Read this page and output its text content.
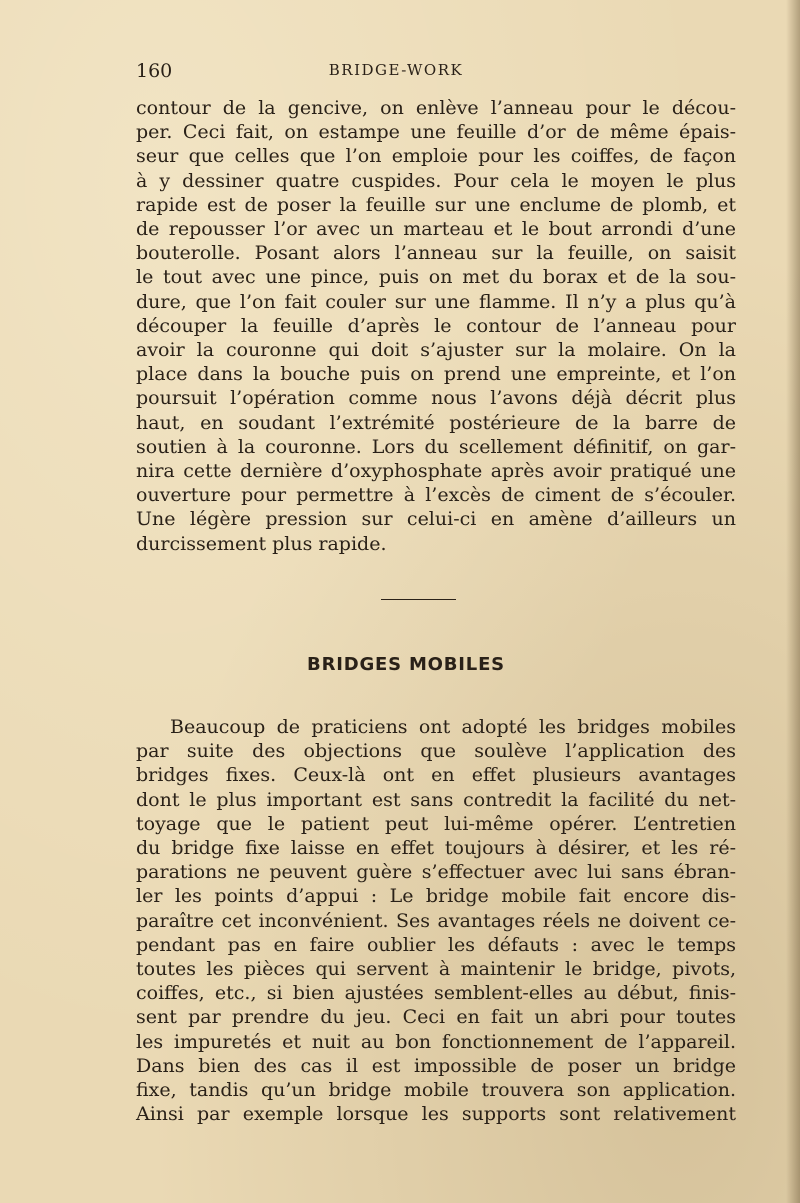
160	BRIDGE-WORK

contour de la gencive, on enlève l’anneau pour le décou-
per. Ceci fait, on estampe une feuille d’or de même épais-
seur que celles que l’on emploie pour les coiffes, de façon
à y dessiner quatre cuspides. Pour cela le moyen le plus
rapide est de poser la feuille sur une enclume de plomb, et
de repousser l’or avec un marteau et le bout arrondi d’une
bouterolle. Posant alors l’anneau sur la feuille, on saisit
le tout avec une pince, puis on met du borax et de la sou-
dure, que l’on fait couler sur une flamme. Il n’y a plus qu’à
découper la feuille d’après le contour de l’anneau pour
avoir la couronne qui doit s’ajuster sur la molaire. On la
place dans la bouche puis on prend une empreinte, et l’on
poursuit l’opération comme nous l’avons déjà décrit plus
haut, en soudant l’extrémité postérieure de la barre de
soutien à la couronne. Lors du scellement définitif, on gar-
nira cette dernière d’oxyphosphate après avoir pratiqué une
ouverture pour permettre à l’excès de ciment de s’écouler.
Une légère pression sur celui-ci en amène d’ailleurs un
durcissement plus rapide.

BRIDGES MOBILES

Beaucoup de praticiens ont adopté les bridges mobiles
par suite des objections que soulève l’application des
bridges fixes. Ceux-là ont en effet plusieurs avantages
dont le plus important est sans contredit la facilité du net-
toyage que le patient peut lui-même opérer. L’entretien
du bridge fixe laisse en effet toujours à désirer, et les ré-
parations ne peuvent guère s’effectuer avec lui sans ébran-
ler les points d’appui : Le bridge mobile fait encore dis-
paraître cet inconvénient. Ses avantages réels ne doivent ce-
pendant pas en faire oublier les défauts : avec le temps
toutes les pièces qui servent à maintenir le bridge, pivots,
coiffes, etc., si bien ajustées semblent-elles au début, finis-
sent par prendre du jeu. Ceci en fait un abri pour toutes
les impuretés et nuit au bon fonctionnement de l’appareil.
Dans bien des cas il est impossible de poser un bridge
fixe, tandis qu’un bridge mobile trouvera son application.
Ainsi par exemple lorsque les supports sont relativement
